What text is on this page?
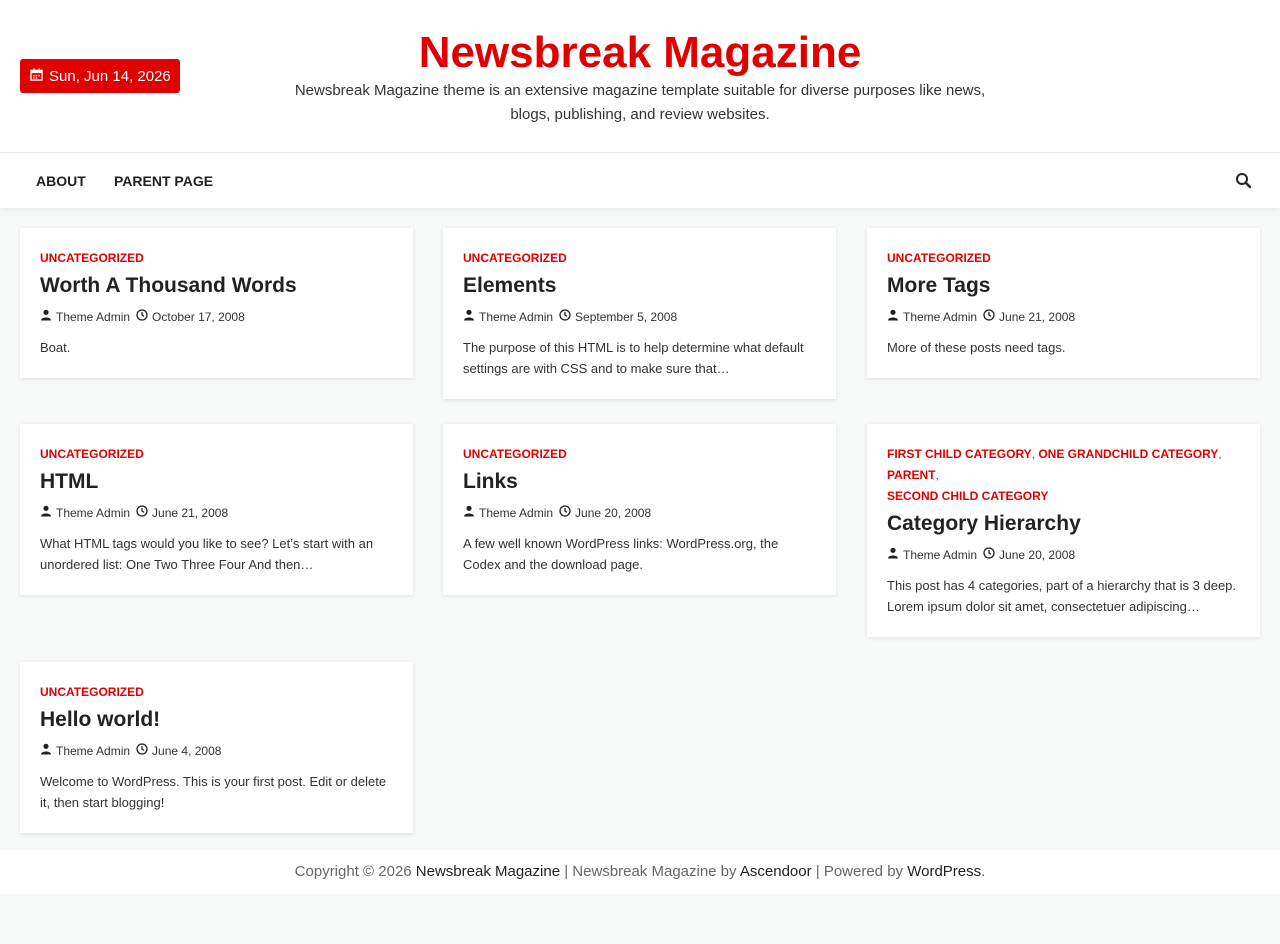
Sun, Jun 14, 2026	Newsbreak Magazine
Newsbreak Magazine theme is an extensive magazine template suitable for diverse purposes like news, blogs, publishing, and review websites.
ABOUT PARENT PAGE
UNCATEGORIZED
Worth A Thousand Words
Theme Admin October 17, 2008
Boat.
UNCATEGORIZED
Elements
Theme Admin September 5, 2008
The purpose of this HTML is to help determine what default settings are with CSS and to make sure that…
UNCATEGORIZED
More Tags
Theme Admin June 21, 2008
More of these posts need tags.
UNCATEGORIZED
HTML
Theme Admin June 21, 2008
What HTML tags would you like to see? Let’s start with an unordered list: One Two Three Four And then…
UNCATEGORIZED
Links
Theme Admin June 20, 2008
A few well known WordPress links: WordPress.org, the Codex and the download page.
FIRST CHILD CATEGORY, ONE GRANDCHILD CATEGORY, PARENT,
SECOND CHILD CATEGORY
Category Hierarchy
Theme Admin June 20, 2008
This post has 4 categories, part of a hierarchy that is 3 deep. Lorem ipsum dolor sit amet, consectetuer adipiscing…
UNCATEGORIZED
Hello world!
Theme Admin June 4, 2008
Welcome to WordPress. This is your first post. Edit or delete it, then start blogging!
Copyright © 2026 Newsbreak Magazine | Newsbreak Magazine by Ascendoor | Powered by WordPress.
